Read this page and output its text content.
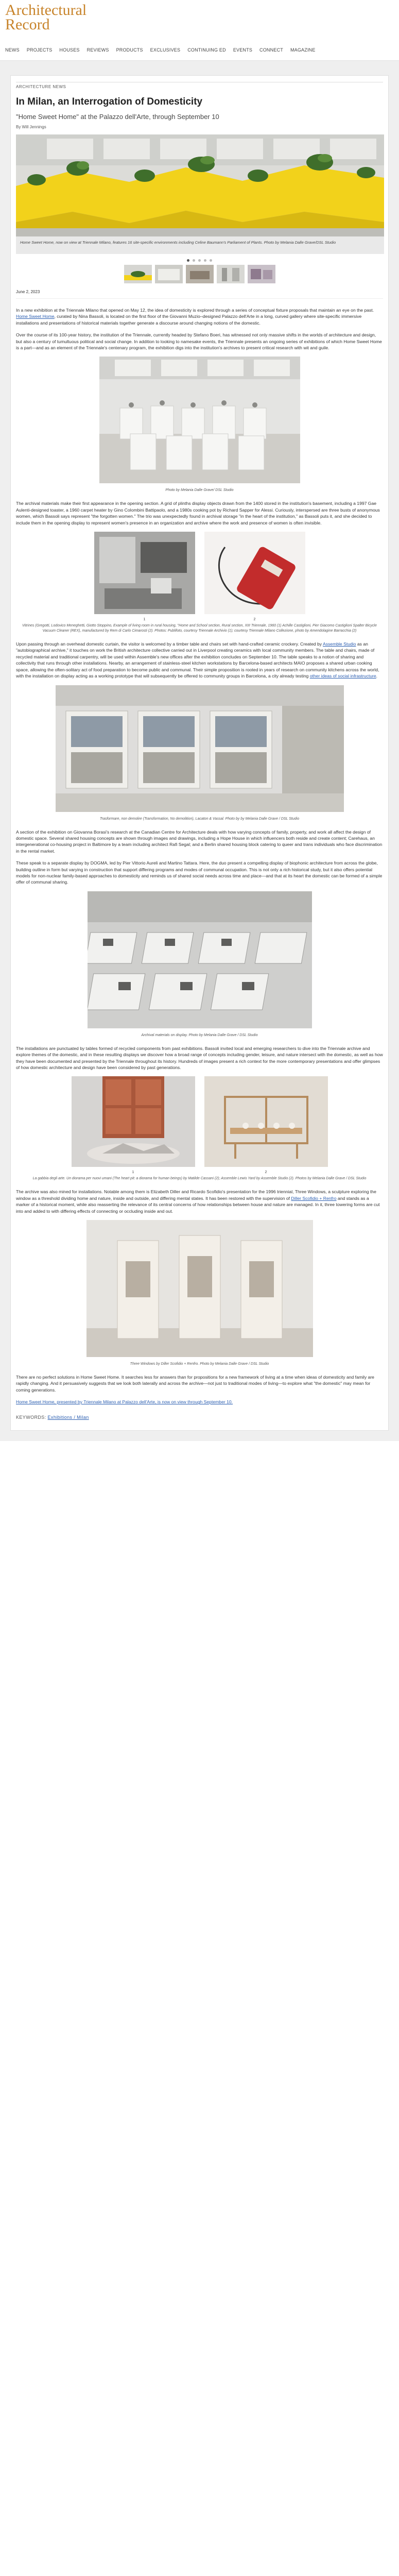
Architectural
Record
NEWS PROJECTS HOUSES REVIEWS PRODUCTS EXCLUSIVES CONTINUING ED EVENTS CONNECT MAGAZINE
ARCHITECTURE NEWS
In Milan, an Interrogation of Domesticity
"Home Sweet Home" at the Palazzo dell'Arte, through September 10
By Will Jennings
Home Sweet Home, now on view at Triennale Milano, features 16 site-specific environments including Celine Baumann's Parliament of Plants. Photo by Melania Dalle Grave/DSL Studio
June 2, 2023

In a new exhibition at the Triennale Milano that opened on May 12, the idea of domesticity is explored through a series of conceptual fixture proposals that maintain an eye on the past. Home Sweet Home, curated by Nina Bassoli, is located on the first floor of the Giovanni Muzio–designed Palazzo dell'Arte in a long, curved gallery where site-specific immersive installations and presentations of historical materials together generate a discourse around changing notions of the domestic.

Over the course of its 100-year history, the institution of the Triennale, currently headed by Stefano Boeri, has witnessed not only massive shifts in the worlds of architecture and design, but also a century of tumultuous political and social change. In addition to looking to namesake events, the Triennale presents an ongoing series of exhibitions of which Home Sweet Home is a part—and as an element of the Triennale's centenary program, the exhibition digs into the institution's archives to present critical research with wit and guile.

Photo by Melania Dalle Grave/ DSL Studio

The archival materials make their first appearance in the opening section. A grid of plinths display objects drawn from the 1400 stored in the institution's basement, including a 1997 Gae Aulenti-designed toaster, a 1960 carpet heater by Gino Colombini Battipaolo, and a 1980s cooking pot by Richard Sapper for Alessi. Curiously, interspersed are three busts of anonymous women, which Bassoli says represent "the forgotten women." The trio was unexpectedly found in archival storage "in the heart of the institution," as Bassoli puts it, and she decided to include them in the opening display to represent women's presence in an organization and archive where the work and presence of women is often invisible.

1	2
Vitrines (Gregotti, Lodovico Meneghetti, Giotto Stoppino, Example of living room in rural housing, "Home and School section, Rural section, XIII Triennale, 1960 (1) Achille Castiglioni, Pier Giacomo Castiglioni Spalter Bicycle Vacuum Cleaner (REX), manufactured by Rem di Carlo Cimarosti (2). Photos: Publifoto, courtesy Triennale Archivio (1); courtesy Triennale Milano Collezione, photo by Amendolagine Barracchia (2)

Upon passing through an overhead domestic curtain, the visitor is welcomed by a timber table and chairs set with hand-crafted ceramic crockery. Created by Assemble Studio as an "autobiographical archive," it touches on work the British architecture collective carried out in Liverpool creating ceramics with local community members. The table and chairs, made of recycled material and traditional carpentry, will be used within Assemble's new offices after the exhibition concludes on September 10. The table speaks to a notion of sharing and collectivity that runs through other installations. Nearby, an arrangement of stainless-steel kitchen workstations by Barcelona-based architects MAIO proposes a shared urban cooking space, allowing the often-solitary act of food preparation to become public and communal. Their simple proposition is rooted in years of research on community kitchens across the world, with the installation on display acting as a working prototype that will subsequently be offered to community groups in Barcelona, a city already testing other ideas of social infrastructure.

Trasformare, non demolire (Transformation, No demolition), Lacaton & Vassal. Photo by by Melania Dalle Grave / DSL Studio

A section of the exhibition on Giovanna Borasi's research at the Canadian Centre for Architecture deals with how varying concepts of family, property, and work all affect the design of domestic space. Several shared housing concepts are shown through images and drawings, including a Hope House in which influencers both reside and create content; Carehaus, an intergenerational co-housing project in Baltimore by a team including architect Rafi Segal; and a Berlin shared housing block catering to queer and trans individuals who face discrimination in the rental market.

These speak to a separate display by DOGMA, led by Pier Vittorio Aureli and Martino Tattara. Here, the duo present a compelling display of biophonic architecture from across the globe, building outline in form but varying in construction that support differing programs and modes of communal occupation. This is not only a rich historical study, but it also offers potential models for non-nuclear family-based approaches to domesticity and reminds us of shared social needs across time and place—and that at its heart the domestic can be formed of a simple offer of communal sharing.

Archival materials on display. Photo by Melania Dalle Grave / DSL Studio

The installations are punctuated by tables formed of recycled components from past exhibitions. Bassoli invited local and emerging researchers to dive into the Triennale archive and explore themes of the domestic, and in these resulting displays we discover how a broad range of concepts including gender, leisure, and nature intersect with the domestic, as well as how they have been documented and presented by the Triennale throughout its history. Hundreds of images present a rich context for the more contemporary presentations and offer glimpses of how domestic architecture and design have been considered by past generations.

1	2
La gabbia degli arte. Un diorama per nuovi umani (The heart pit: a diorama for human beings) by Matilde Cassani (2); Assemble Lewis Yard by Assemble Studio (2). Photos by Melania Dalle Grave / DSL Studio

The archive was also mined for installations. Notable among them is Elizabeth Diller and Ricardo Scofidio's presentation for the 1996 triennial, Three Windows, a sculpture exploring the window as a threshold dividing home and nature, inside and outside, and differing mental states. It has been restored with the supervision of Diller Scofidio + Renfro and stands as a marker of a historical moment, while also reasserting the relevance of its central concerns of how relationships between house and nature are managed. In it, three towering forms are cut into and added to with differing effects of connecting or occluding inside and out.

Three Windows by Diller Scofidio + Renfro. Photo by Melania Dalle Grave / DSL Studio

There are no perfect solutions in Home Sweet Home. It searches less for answers than for propositions for a new framework of living at a time when ideas of domesticity and family are rapidly changing. And it persuasively suggests that we look both laterally and across the archive—not just to traditional modes of living—to explore what "the domestic" may mean for coming generations.

Home Sweet Home, presented by Triennale Milano at Palazzo dell'Arte, is now on view through September 10.

KEYWORDS: Exhibitions / Milan
